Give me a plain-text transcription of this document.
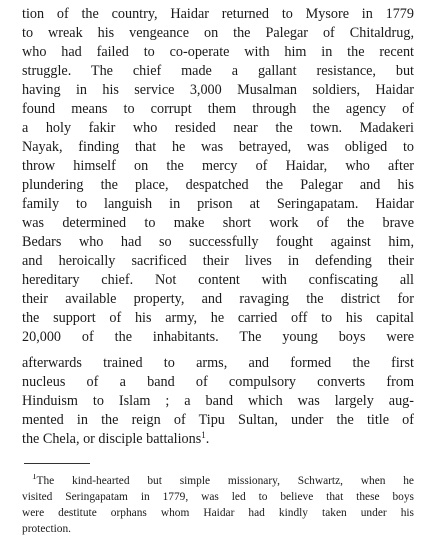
tion of the country, Haidar returned to Mysore in 1779
to wreak his vengeance on the Palegar of Chitaldrug,
who had failed to co-operate with him in the recent
struggle. The chief made a gallant resistance, but
having in his service 3,000 Musalman soldiers, Haidar
found means to corrupt them through the agency of
a holy fakir who resided near the town. Madakeri
Nayak, finding that he was betrayed, was obliged to
throw himself on the mercy of Haidar, who after
plundering the place, despatched the Palegar and his
family to languish in prison at Seringapatam. Haidar
was determined to make short work of the brave
Bedars who had so successfully fought against him,
and heroically sacrificed their lives in defending their
hereditary chief. Not content with confiscating all
their available property, and ravaging the district for
the support of his army, he carried off to his capital
20,000 of the inhabitants. The young boys were
afterwards trained to arms, and formed the first
nucleus of a band of compulsory converts from
Hinduism to Islam ; a band which was largely aug-
mented in the reign of Tipu Sultan, under the title of
the Chela, or disciple battalions$^1$.
$^1$The kind-hearted but simple missionary, Schwartz, when he
visited Seringapatam in 1779, was led to believe that these boys
were destitute orphans whom Haidar had kindly taken under his
protection.
